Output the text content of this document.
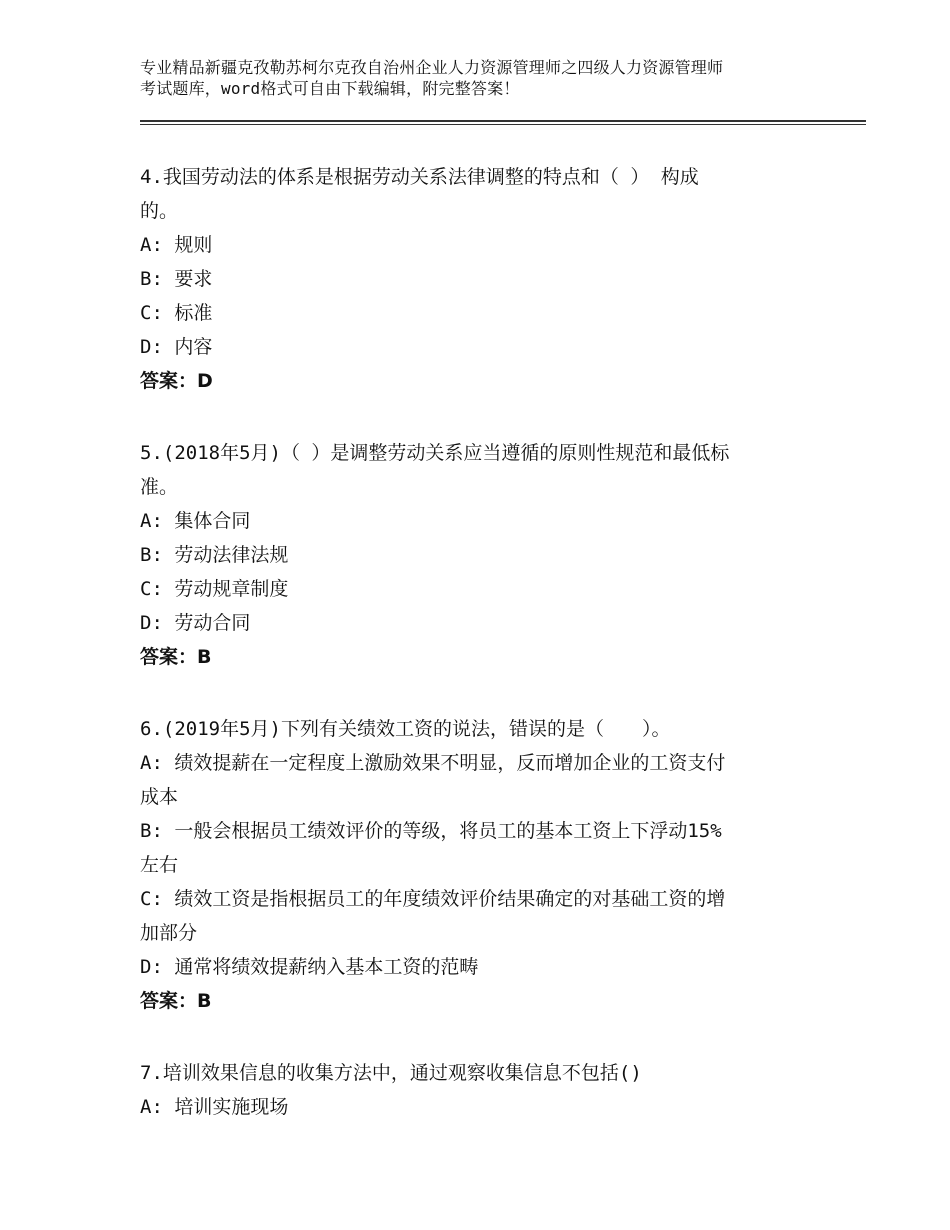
专业精品新疆克孜勒苏柯尔克孜自治州企业人力资源管理师之四级人力资源管理师
考试题库，word格式可自由下载编辑，附完整答案！
4.我国劳动法的体系是根据劳动关系法律调整的特点和（ ） 构成
的。
A: 规则
B: 要求
C: 标准
D: 内容
答案：D
5.(2018年5月)（ ）是调整劳动关系应当遵循的原则性规范和最低标
准。
A: 集体合同
B: 劳动法律法规
C: 劳动规章制度
D: 劳动合同
答案：B
6.(2019年5月)下列有关绩效工资的说法，错误的是（　　）。
A: 绩效提薪在一定程度上激励效果不明显，反而增加企业的工资支付
成本
B: 一般会根据员工绩效评价的等级，将员工的基本工资上下浮动15%
左右
C: 绩效工资是指根据员工的年度绩效评价结果确定的对基础工资的增
加部分
D: 通常将绩效提薪纳入基本工资的范畴
答案：B
7.培训效果信息的收集方法中，通过观察收集信息不包括()
A: 培训实施现场
